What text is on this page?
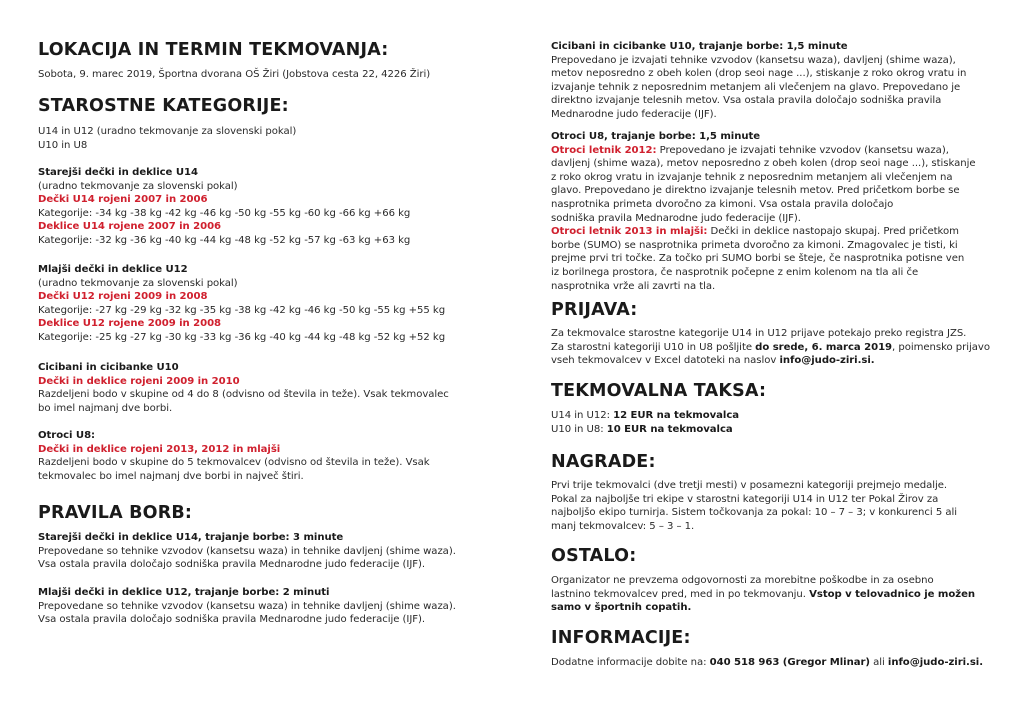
LOKACIJA IN TERMIN TEKMOVANJA:

Sobota, 9. marec 2019, Športna dvorana OŠ Žiri (Jobstova cesta 22, 4226 Žiri)

STAROSTNE KATEGORIJE:

U14 in U12 (uradno tekmovanje za slovenski pokal)
U10 in U8

Starejši dečki in deklice U14
(uradno tekmovanje za slovenski pokal)
Dečki U14 rojeni 2007 in 2006
Kategorije: -34 kg -38 kg -42 kg -46 kg -50 kg -55 kg -60 kg -66 kg +66 kg
Deklice U14 rojene 2007 in 2006
Kategorije: -32 kg -36 kg -40 kg -44 kg -48 kg -52 kg -57 kg -63 kg +63 kg

Mlajši dečki in deklice U12
(uradno tekmovanje za slovenski pokal)
Dečki U12 rojeni 2009 in 2008
Kategorije: -27 kg -29 kg -32 kg -35 kg -38 kg -42 kg -46 kg -50 kg -55 kg +55 kg
Deklice U12 rojene 2009 in 2008
Kategorije: -25 kg -27 kg -30 kg -33 kg -36 kg -40 kg -44 kg -48 kg -52 kg +52 kg

Cicibani in cicibanke U10
Dečki in deklice rojeni 2009 in 2010
Razdeljeni bodo v skupine od 4 do 8 (odvisno od števila in teže). Vsak tekmovalec
bo imel najmanj dve borbi.

Otroci U8:
Dečki in deklice rojeni 2013, 2012 in mlajši
Razdeljeni bodo v skupine do 5 tekmovalcev (odvisno od števila in teže). Vsak
tekmovalec bo imel najmanj dve borbi in največ štiri.

PRAVILA BORB:

Starejši dečki in deklice U14, trajanje borbe: 3 minute
Prepovedane so tehnike vzvodov (kansetsu waza) in tehnike davljenj (shime waza).
Vsa ostala pravila določajo sodniška pravila Mednarodne judo federacije (IJF).

Mlajši dečki in deklice U12, trajanje borbe: 2 minuti
Prepovedane so tehnike vzvodov (kansetsu waza) in tehnike davljenj (shime waza).
Vsa ostala pravila določajo sodniška pravila Mednarodne judo federacije (IJF).

Cicibani in cicibanke U10, trajanje borbe: 1,5 minute
Prepovedano je izvajati tehnike vzvodov (kansetsu waza), davljenj (shime waza),
metov neposredno z obeh kolen (drop seoi nage ...), stiskanje z roko okrog vratu in
izvajanje tehnik z neposrednim metanjem ali vlečenjem na glavo. Prepovedano je
direktno izvajanje telesnih metov. Vsa ostala pravila določajo sodniška pravila
Mednarodne judo federacije (IJF).

Otroci U8, trajanje borbe: 1,5 minute
Otroci letnik 2012: Prepovedano je izvajati tehnike vzvodov (kansetsu waza),
davljenj (shime waza), metov neposredno z obeh kolen (drop seoi nage ...), stiskanje
z roko okrog vratu in izvajanje tehnik z neposrednim metanjem ali vlečenjem na
glavo. Prepovedano je direktno izvajanje telesnih metov. Pred pričetkom borbe se
nasprotnika primeta dvoročno za kimoni. Vsa ostala pravila določajo
sodniška pravila Mednarodne judo federacije (IJF).
Otroci letnik 2013 in mlajši: Dečki in deklice nastopajo skupaj. Pred pričetkom
borbe (SUMO) se nasprotnika primeta dvoročno za kimoni. Zmagovalec je tisti, ki
prejme prvi tri točke. Za točko pri SUMO borbi se šteje, če nasprotnika potisne ven
iz borilnega prostora, če nasprotnik počepne z enim kolenom na tla ali če
nasprotnika vrže ali zavrti na tla.

PRIJAVA:

Za tekmovalce starostne kategorije U14 in U12 prijave potekajo preko registra JZS.
Za starostni kategoriji U10 in U8 pošljite do srede, 6. marca 2019, poimensko prijavo
vseh tekmovalcev v Excel datoteki na naslov info@judo-ziri.si.

TEKMOVALNA TAKSA:

U14 in U12: 12 EUR na tekmovalca
U10 in U8: 10 EUR na tekmovalca

NAGRADE:

Prvi trije tekmovalci (dve tretji mesti) v posamezni kategoriji prejmejo medalje.
Pokal za najboljše tri ekipe v starostni kategoriji U14 in U12 ter Pokal Žirov za
najboljšo ekipo turnirja. Sistem točkovanja za pokal: 10 – 7 – 3; v konkurenci 5 ali
manj tekmovalcev: 5 – 3 – 1.

OSTALO:

Organizator ne prevzema odgovornosti za morebitne poškodbe in za osebno
lastnino tekmovalcev pred, med in po tekmovanju. Vstop v telovadnico je možen
samo v športnih copatih.

INFORMACIJE:

Dodatne informacije dobite na: 040 518 963 (Gregor Mlinar) ali info@judo-ziri.si.
